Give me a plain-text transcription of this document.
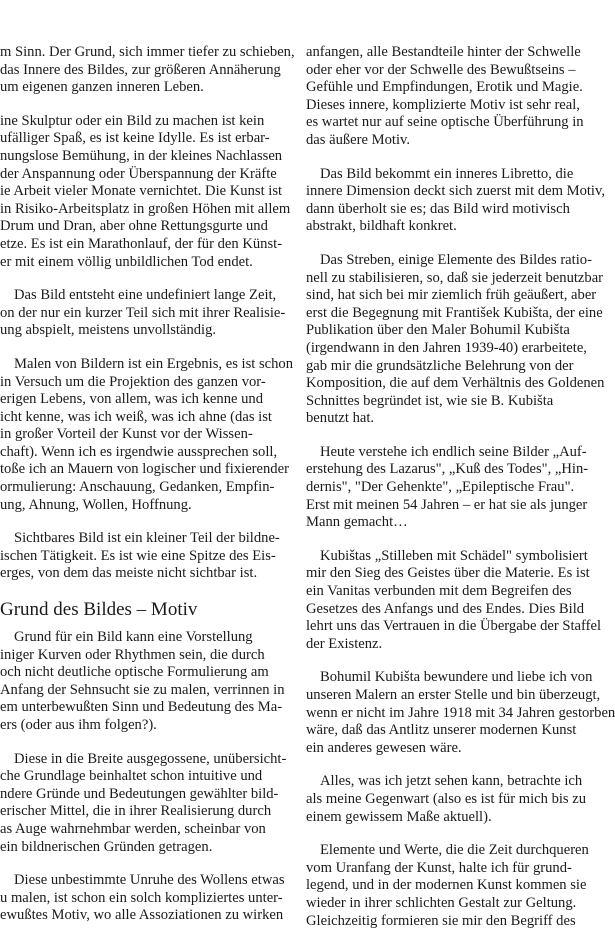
m Sinn. Der Grund, sich immer tiefer zu schieben,
das Innere des Bildes, zur größeren Annäherung
um eigenen ganzen inneren Leben.
ine Skulptur oder ein Bild zu machen ist kein
ufälliger Spaß, es ist keine Idylle. Es ist erbar-
nungslose Bemühung, in der kleines Nachlassen
der Anspannung oder Überspannung der Kräfte
ie Arbeit vieler Monate vernichtet. Die Kunst ist
in Risiko-Arbeitsplatz in großen Höhen mit allem
Drum und Dran, aber ohne Rettungsgurte und
etze. Es ist ein Marathonlauf, der für den Künst-
er mit einem völlig unbildlichen Tod endet.
Das Bild entsteht eine undefiniert lange Zeit,
on der nur ein kurzer Teil sich mit ihrer Realisie-
ung abspielt, meistens unvollständig.
Malen von Bildern ist ein Ergebnis, es ist schon
in Versuch um die Projektion des ganzen vor-
erigen Lebens, von allem, was ich kenne und
icht kenne, was ich weiß, was ich ahne (das ist
in großer Vorteil der Kunst vor der Wissen-
chaft). Wenn ich es irgendwie aussprechen soll,
toße ich an Mauern von logischer und fixierender
ormulierung: Anschauung, Gedanken, Empfin-
ung, Ahnung, Wollen, Hoffnung.
Sichtbares Bild ist ein kleiner Teil der bildne-
ischen Tätigkeit. Es ist wie eine Spitze des Eis-
erges, von dem das meiste nicht sichtbar ist.
Grund des Bildes – Motiv
Grund für ein Bild kann eine Vorstellung
iniger Kurven oder Rhythmen sein, die durch
och nicht deutliche optische Formulierung am
Anfang der Sehnsucht sie zu malen, verrinnen in
em unterbewußten Sinn und Bedeutung des Ma-
ers (oder aus ihm folgen?).
Diese in die Breite ausgegossene, unübersicht-
che Grundlage beinhaltet schon intuitive und
ndere Gründe und Bedeutungen gewählter bild-
erischer Mittel, die in ihrer Realisierung durch
as Auge wahrnehmbar werden, scheinbar von
ein bildnerischen Gründen getragen.
Diese unbestimmte Unruhe des Wollens etwas
u malen, ist schon ein solch kompliziertes unter-
ewußtes Motiv, wo alle Assoziationen zu wirken
anfangen, alle Bestandteile hinter der Schwelle
oder eher vor der Schwelle des Bewußtseins –
Gefühle und Empfindungen, Erotik und Magie.
Dieses innere, komplizierte Motiv ist sehr real,
es wartet nur auf seine optische Überführung in
das äußere Motiv.
Das Bild bekommt ein inneres Libretto, die
innere Dimension deckt sich zuerst mit dem Motiv,
dann überholt sie es; das Bild wird motivisch
abstrakt, bildhaft konkret.
Das Streben, einige Elemente des Bildes ratio-
nell zu stabilisieren, so, daß sie jederzeit benutzbar
sind, hat sich bei mir ziemlich früh geäußert, aber
erst die Begegnung mit František Kubišta, der eine
Publikation über den Maler Bohumil Kubišta
(irgendwann in den Jahren 1939-40) erarbeitete,
gab mir die grundsätzliche Belehrung von der
Komposition, die auf dem Verhältnis des Goldenen
Schnittes begründet ist, wie sie B. Kubišta
benutzt hat.
Heute verstehe ich endlich seine Bilder „Auf-
erstehung des Lazarus", „Kuß des Todes", „Hin-
dernis", "Der Gehenkte", „Epileptische Frau".
Erst mit meinen 54 Jahren – er hat sie als junger
Mann gemacht…
Kubištas „Stilleben mit Schädel" symbolisiert
mir den Sieg des Geistes über die Materie. Es ist
ein Vanitas verbunden mit dem Begreifen des
Gesetzes des Anfangs und des Endes. Dies Bild
lehrt uns das Vertrauen in die Übergabe der Staffel
der Existenz.
Bohumil Kubišta bewundere und liebe ich von
unseren Malern an erster Stelle und bin überzeugt,
wenn er nicht im Jahre 1918 mit 34 Jahren gestorben
wäre, daß das Antlitz unserer modernen Kunst
ein anderes gewesen wäre.
Alles, was ich jetzt sehen kann, betrachte ich
als meine Gegenwart (also es ist für mich bis zu
einem gewissem Maße aktuell).
Elemente und Werte, die die Zeit durchqueren
vom Uranfang der Kunst, halte ich für grund-
legend, und in der modernen Kunst kommen sie
wieder in ihrer schlichten Gestalt zur Geltung.
Gleichzeitig formieren sie mir den Begriff des
